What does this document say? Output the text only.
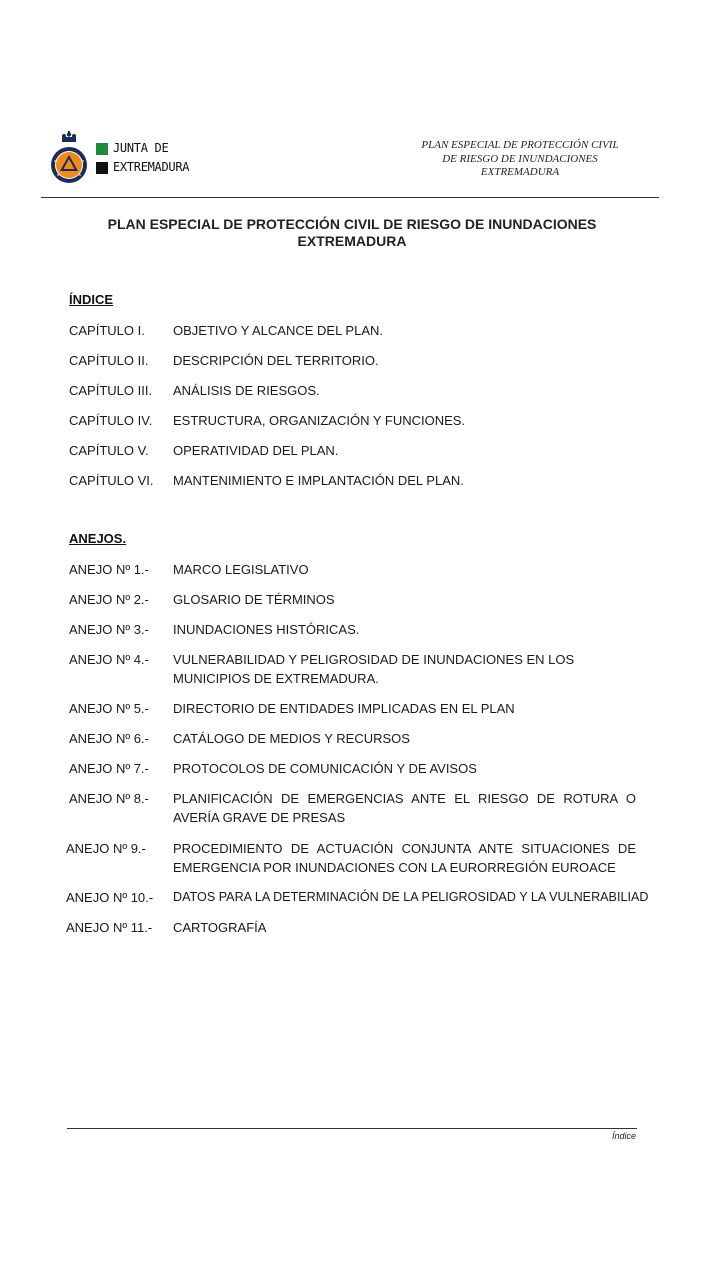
JUNTA DE
EXTREMADURA
PLAN ESPECIAL DE PROTECCIÓN CIVIL
DE RIESGO DE INUNDACIONES
EXTREMADURA
PLAN ESPECIAL DE PROTECCIÓN CIVIL DE RIESGO DE INUNDACIONES
EXTREMADURA
ÍNDICE
CAPÍTULO I. OBJETIVO Y ALCANCE DEL PLAN.
CAPÍTULO II. DESCRIPCIÓN DEL TERRITORIO.
CAPÍTULO III. ANÁLISIS DE RIESGOS.
CAPÍTULO IV. ESTRUCTURA, ORGANIZACIÓN Y FUNCIONES.
CAPÍTULO V. OPERATIVIDAD DEL PLAN.
CAPÍTULO VI. MANTENIMIENTO E IMPLANTACIÓN DEL PLAN.
ANEJOS.
ANEJO Nº 1.- MARCO LEGISLATIVO
ANEJO Nº 2.- GLOSARIO DE TÉRMINOS
ANEJO Nº 3.- INUNDACIONES HISTÓRICAS.
ANEJO Nº 4.- VULNERABILIDAD Y PELIGROSIDAD DE INUNDACIONES EN LOS MUNICIPIOS DE EXTREMADURA.
ANEJO Nº 5.- DIRECTORIO DE ENTIDADES IMPLICADAS EN EL PLAN
ANEJO Nº 6.- CATÁLOGO DE MEDIOS Y RECURSOS
ANEJO Nº 7.- PROTOCOLOS DE COMUNICACIÓN Y DE AVISOS
ANEJO Nº 8.- PLANIFICACIÓN DE EMERGENCIAS ANTE EL RIESGO DE ROTURA O AVERÍA GRAVE DE PRESAS
ANEJO Nº 9.- PROCEDIMIENTO DE ACTUACIÓN CONJUNTA ANTE SITUACIONES DE EMERGENCIA POR INUNDACIONES CON LA EURORREGIÓN EUROACE
ANEJO Nº 10.- DATOS PARA LA DETERMINACIÓN DE LA PELIGROSIDAD Y LA VULNERABILIAD
ANEJO Nº 11.- CARTOGRAFÍA
Índice
